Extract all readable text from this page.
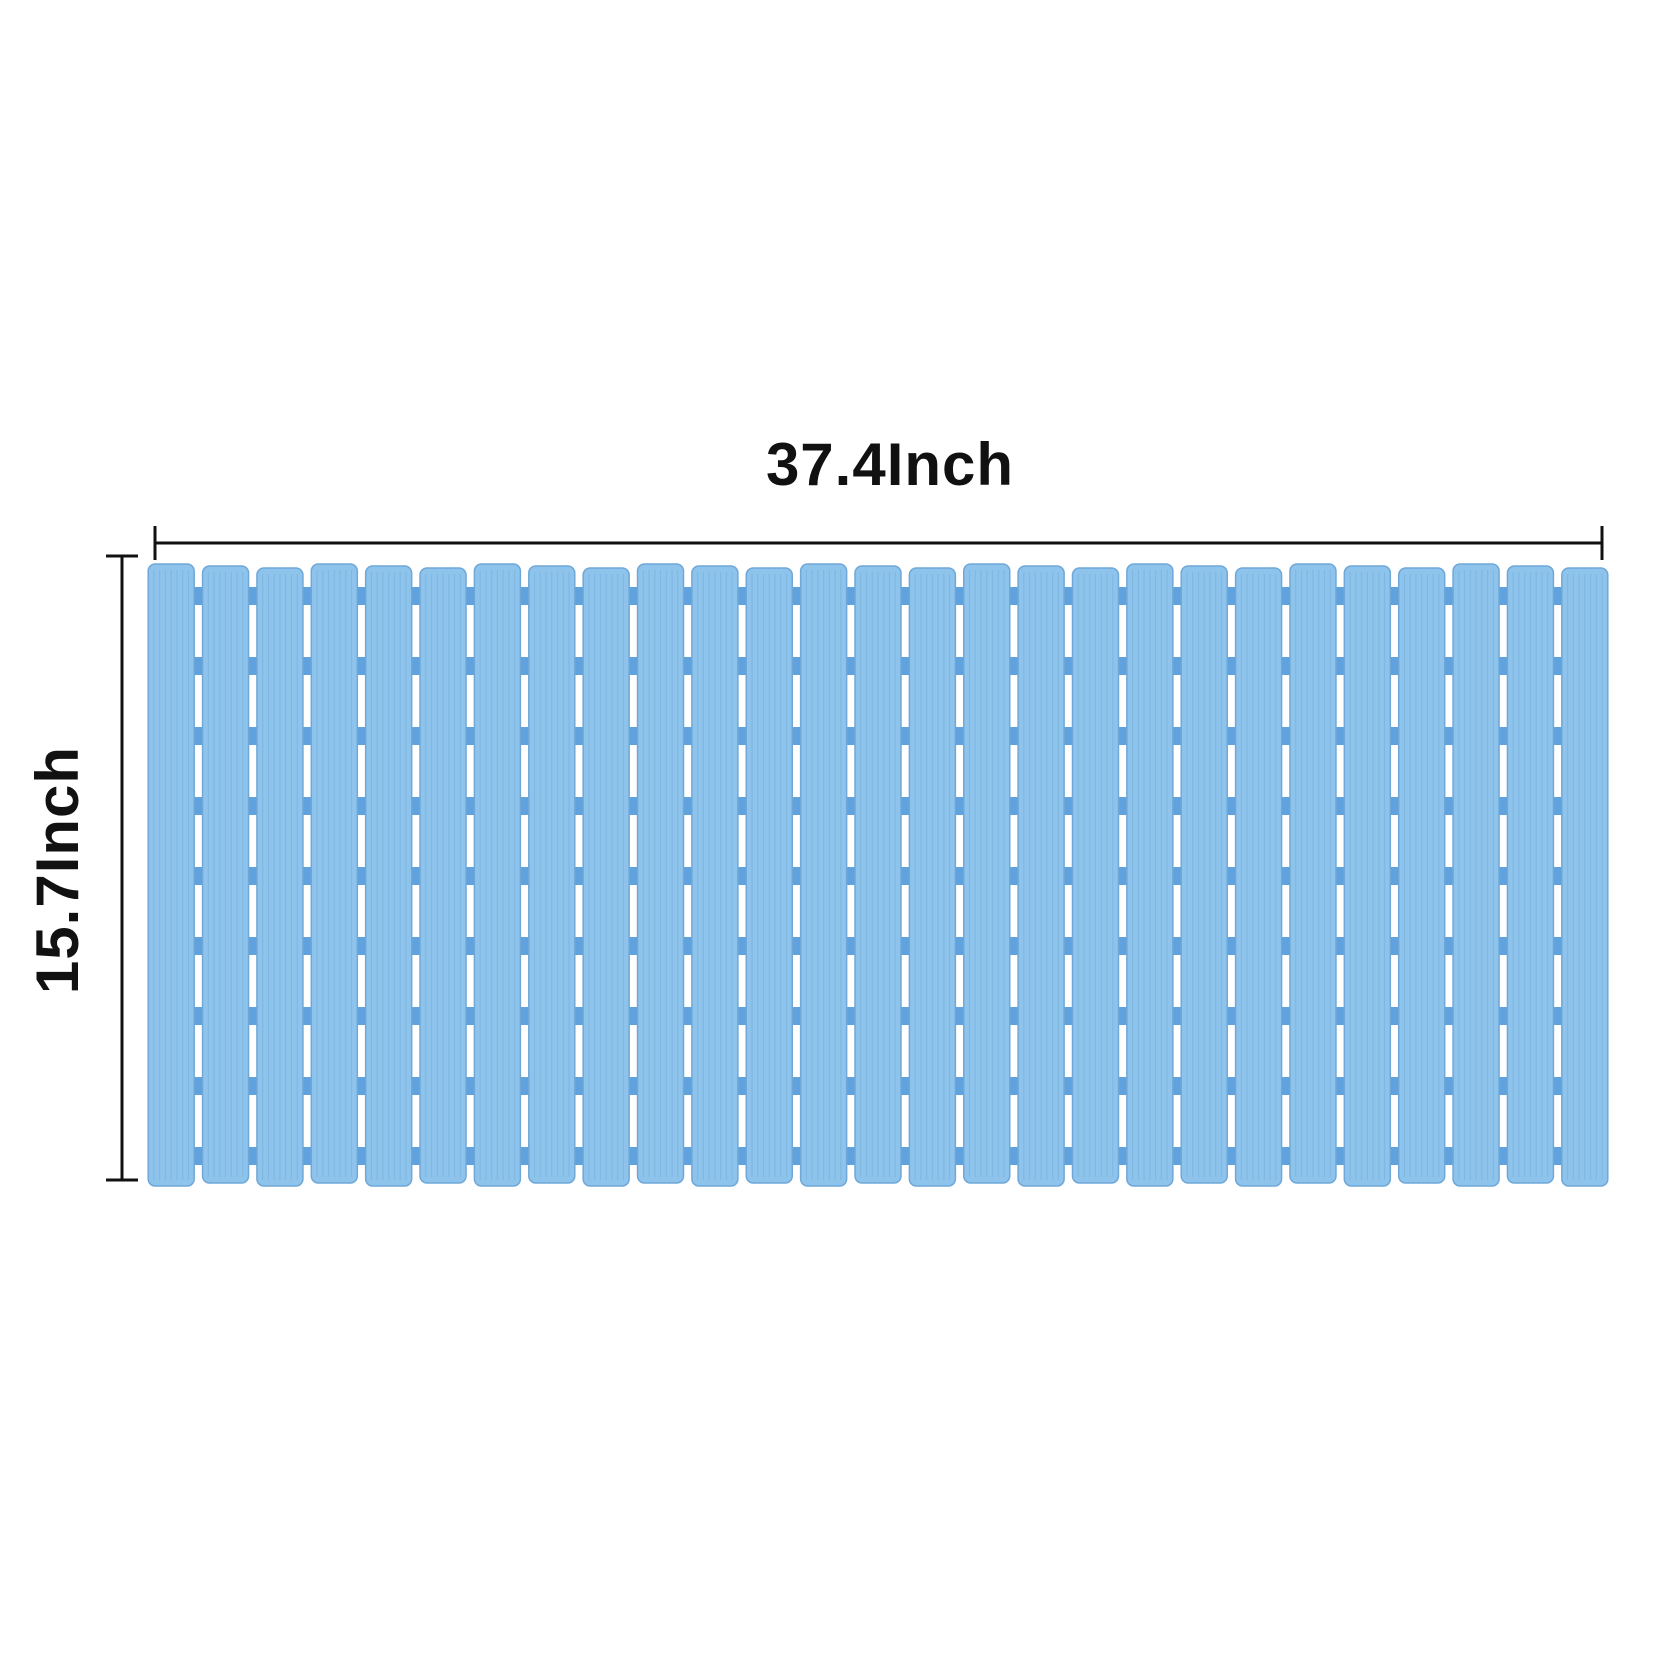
37.4Inch
15.7Inch
